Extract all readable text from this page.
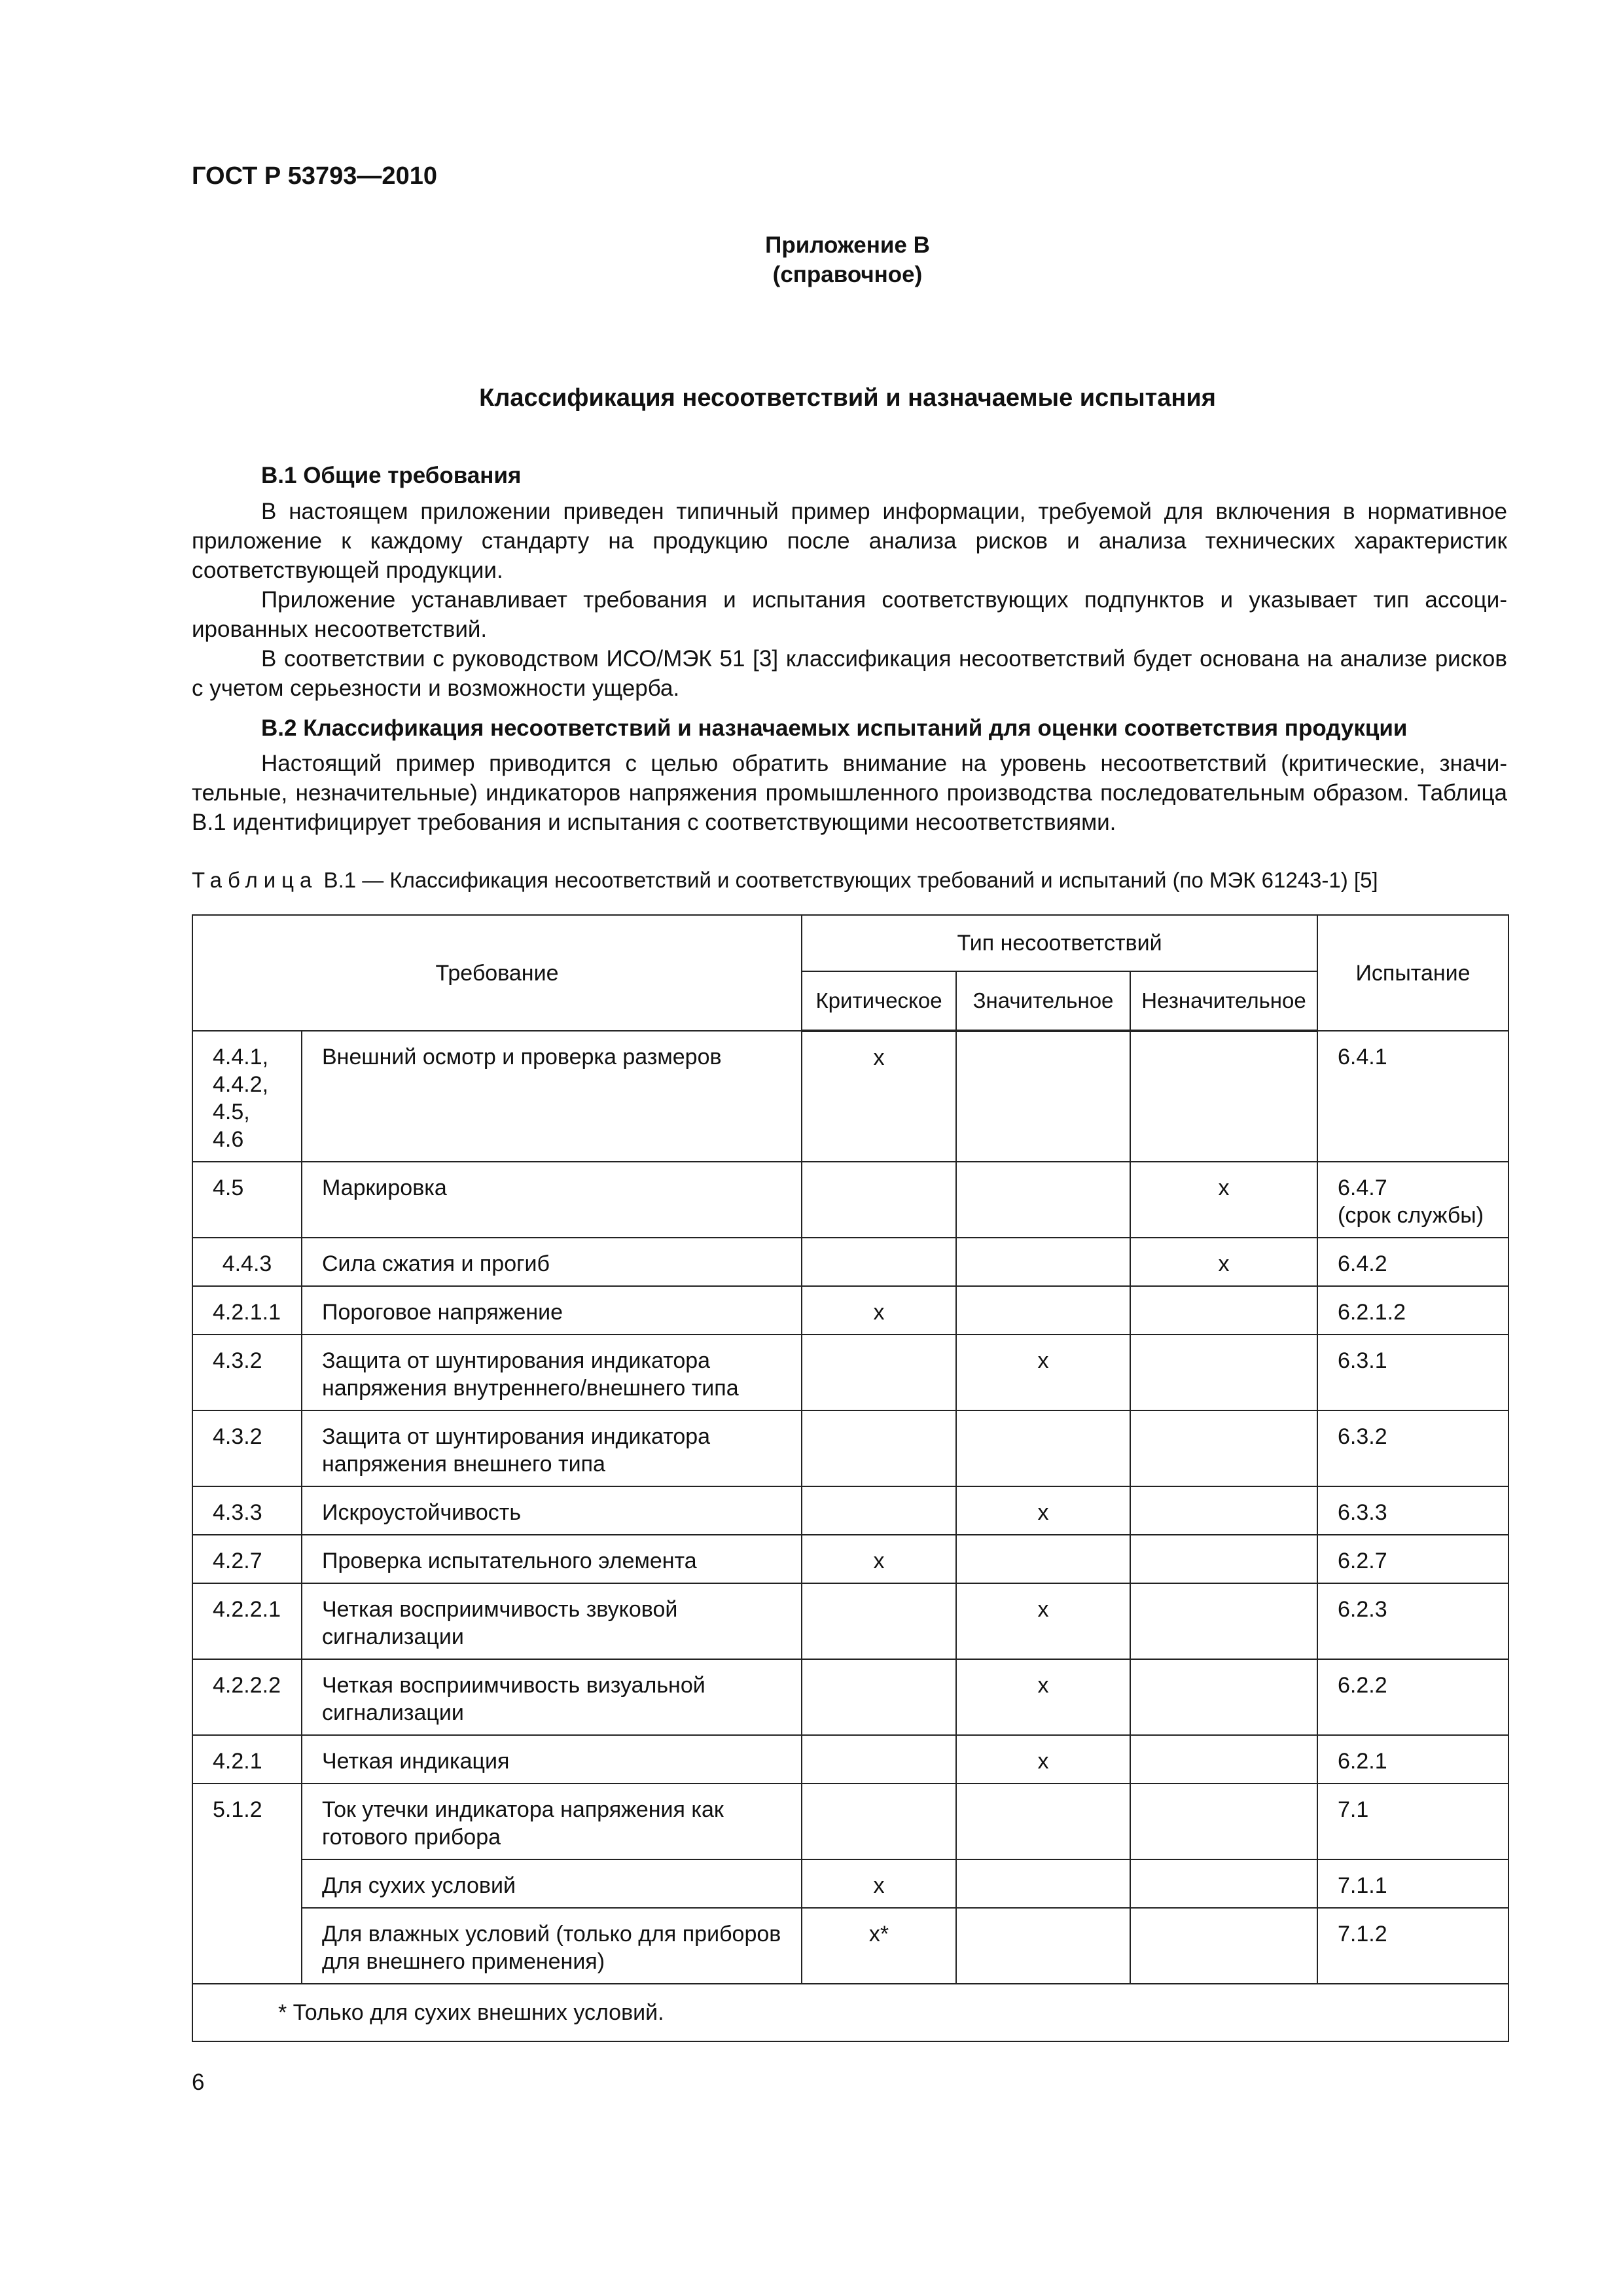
ГОСТ Р 53793—2010
Приложение В
(справочное)
Классификация несоответствий и назначаемые испытания
В.1 Общие требования

В настоящем приложении приведен типичный пример информации, требуемой для включения в нормативное приложение к каждому стандарту на продукцию после анализа рисков и анализа технических характеристик соответствующей продукции.

Приложение устанавливает требования и испытания соответствующих подпунктов и указывает тип ассоциированных несоответствий.

В соответствии с руководством ИСО/МЭК 51 [3] классификация несоответствий будет основана на анализе рисков с учетом серьезности и возможности ущерба.

В.2 Классификация несоответствий и назначаемых испытаний для оценки соответствия продукции

Настоящий пример приводится с целью обратить внимание на уровень несоответствий (критические, значительные, незначительные) индикаторов напряжения промышленного производства последовательным образом. Таблица В.1 идентифицирует требования и испытания с соответствующими несоответствиями.

Таблица В.1 — Классификация несоответствий и соответствующих требований и испытаний (по МЭК 61243-1) [5]
Требование		Тип несоответствий			Испытание
		Критическое	Значительное	Незначительное	
4.4.1,
4.4.2,
4.5,
4.6	Внешний осмотр и проверка размеров	x			6.4.1
4.5	Маркировка			x	6.4.7
(срок службы)
4.4.3	Сила сжатия и прогиб			x	6.4.2
4.2.1.1	Пороговое напряжение	x			6.2.1.2
4.3.2	Защита от шунтирования индикатора напряжения внутреннего/внешнего типа		x		6.3.1
4.3.2	Защита от шунтирования индикатора напряжения внешнего типа				6.3.2
4.3.3	Искроустойчивость		x		6.3.3
4.2.7	Проверка испытательного элемента	x			6.2.7
4.2.2.1	Четкая восприимчивость звуковой сигнализации		x		6.2.3
4.2.2.2	Четкая восприимчивость визуальной сигнализации		x		6.2.2
4.2.1	Четкая индикация		x		6.2.1
5.1.2	Ток утечки индикатора напряжения как готового прибора				7.1
	Для сухих условий	x			7.1.1
	Для влажных условий (только для приборов для внешнего применения)	x*			7.1.2
* Только для сухих внешних условий.					
6
